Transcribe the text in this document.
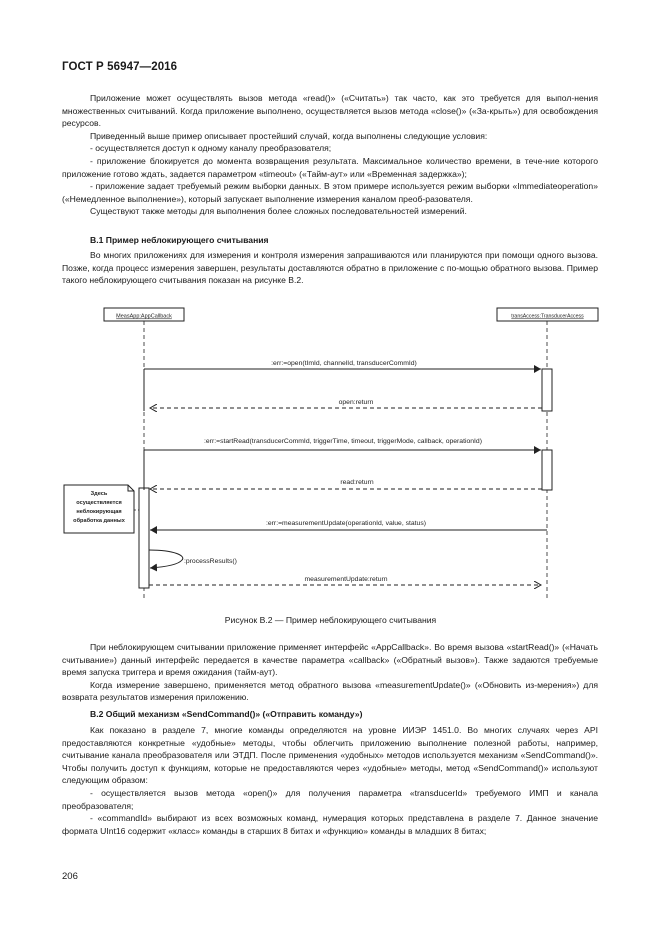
ГОСТ Р 56947—2016

Приложение может осуществлять вызов метода «read()» («Считать») так часто, как это требуется для выпол-нения множественных считываний. Когда приложение выполнено, осуществляется вызов метода «close()» («За-крыть») для освобождения ресурсов.

Приведенный выше пример описывает простейший случай, когда выполнены следующие условия:

- осуществляется доступ к одному каналу преобразователя;

- приложение блокируется до момента возвращения результата. Максимальное количество времени, в тече-ние которого приложение готово ждать, задается параметром «timeout» («Тайм-аут» или «Временная задержка»);

- приложение задает требуемый режим выборки данных. В этом примере используется режим выборки «Immediateoperation» («Немедленное выполнение»), который запускает выполнение измерения каналом преоб-разователя.

Существуют также методы для выполнения более сложных последовательностей измерений.

В.1 Пример неблокирующего считывания

Во многих приложениях для измерения и контроля измерения запрашиваются или планируются при помощи одного вызова. Позже, когда процесс измерения завершен, результаты доставляются обратно в приложение с по-мощью обратного вызова. Пример такого неблокирующего считывания показан на рисунке В.2.

MeasApp:AppCallback	transAccess:TransducerAccess
:err:=open(tImId, channelId, transducerCommId)
open:return
:err:=startRead(transducerCommId, triggerTime, timeout, triggerMode, callback, operationId)
read:return
:err:=measurementUpdate(operationId, value, status)
:processResults()
measurementUpdate:return
Здесь
осуществляется
неблокирующая
обработка данных
Рисунок В.2 — Пример неблокирующего считывания

При неблокирующем считывании приложение применяет интерфейс «AppCallback». Во время вызова «startRead()» («Начать считывание») данный интерфейс передается в качестве параметра «callback» («Обратный вызов»). Также задаются требуемые время запуска триггера и время ожидания (тайм-аут).

Когда измерение завершено, применяется метод обратного вызова «measurementUpdate()» («Обновить из-мерения») для возврата результатов измерения приложению.

В.2 Общий механизм «SendCommand()» («Отправить команду»)

Как показано в разделе 7, многие команды определяются на уровне ИИЭР 1451.0. Во многих случаях через API предоставляются конкретные «удобные» методы, чтобы облегчить приложению выполнение полезной работы, например, считывание канала преобразователя или ЭТДП. После применения «удобных» методов используется механизм «SendCommand()». Чтобы получить доступ к функциям, которые не предоставляются через «удобные» методы, метод «SendCommand()» используют следующим образом:

- осуществляется вызов метода «open()» для получения параметра «transducerId» требуемого ИМП и канала преобразователя;

- «commandId» выбирают из всех возможных команд, нумерация которых представлена в разделе 7. Данное значение формата UInt16 содержит «класс» команды в старших 8 битах и «функцию» команды в младших 8 битах;

206
